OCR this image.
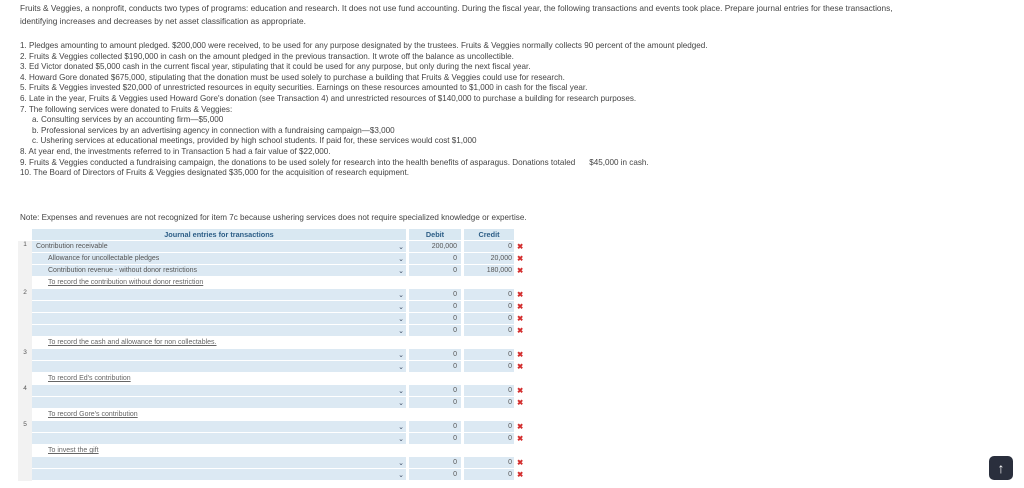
Fruits & Veggies, a nonprofit, conducts two types of programs: education and research. It does not use fund accounting. During the fiscal year, the following transactions and events took place. Prepare journal entries for these transactions,
identifying increases and decreases by net asset classification as appropriate.
1. Pledges amounting to amount pledged. $200,000 were received, to be used for any purpose designated by the trustees. Fruits & Veggies normally collects 90 percent of the amount pledged.
2. Fruits & Veggies collected $190,000 in cash on the amount pledged in the previous transaction. It wrote off the balance as uncollectible.
3. Ed Victor donated $5,000 cash in the current fiscal year, stipulating that it could be used for any purpose, but only during the next fiscal year.
4. Howard Gore donated $675,000, stipulating that the donation must be used solely to purchase a building that Fruits & Veggies could use for research.
5. Fruits & Veggies invested $20,000 of unrestricted resources in equity securities. Earnings on these resources amounted to $1,000 in cash for the fiscal year.
6. Late in the year, Fruits & Veggies used Howard Gore's donation (see Transaction 4) and unrestricted resources of $140,000 to purchase a building for research purposes.
7. The following services were donated to Fruits & Veggies:
a. Consulting services by an accounting firm—$5,000
b. Professional services by an advertising agency in connection with a fundraising campaign—$3,000
c. Ushering services at educational meetings, provided by high school students. If paid for, these services would cost $1,000
8. At year end, the investments referred to in Transaction 5 had a fair value of $22,000.
9. Fruits & Veggies conducted a fundraising campaign, the donations to be used solely for research into the health benefits of asparagus. Donations totaled $45,000 in cash.
10. The Board of Directors of Fruits & Veggies designated $35,000 for the acquisition of research equipment.
Note: Expenses and revenues are not recognized for item 7c because ushering services does not require specialized knowledge or expertise.
	Journal entries for transactions			Debit		Credit	
1	Contribution receivable	⌄		200,000		0	✖
	Allowance for uncollectable pledges	⌄		0		20,000	✖
	Contribution revenue - without donor restrictions	⌄		0		180,000	✖
	To record the contribution without donor restriction						
2		⌄		0		0	✖
		⌄		0		0	✖
		⌄		0		0	✖
		⌄		0		0	✖
	To record the cash and allowance for non collectables.						
3		⌄		0		0	✖
		⌄		0		0	✖
	To record Ed's contribution						
4		⌄		0		0	✖
		⌄		0		0	✖
	To record Gore's contribution						
5		⌄		0		0	✖
		⌄		0		0	✖
	To invest the gift						
		⌄		0		0	✖
		⌄		0		0	✖	↑
